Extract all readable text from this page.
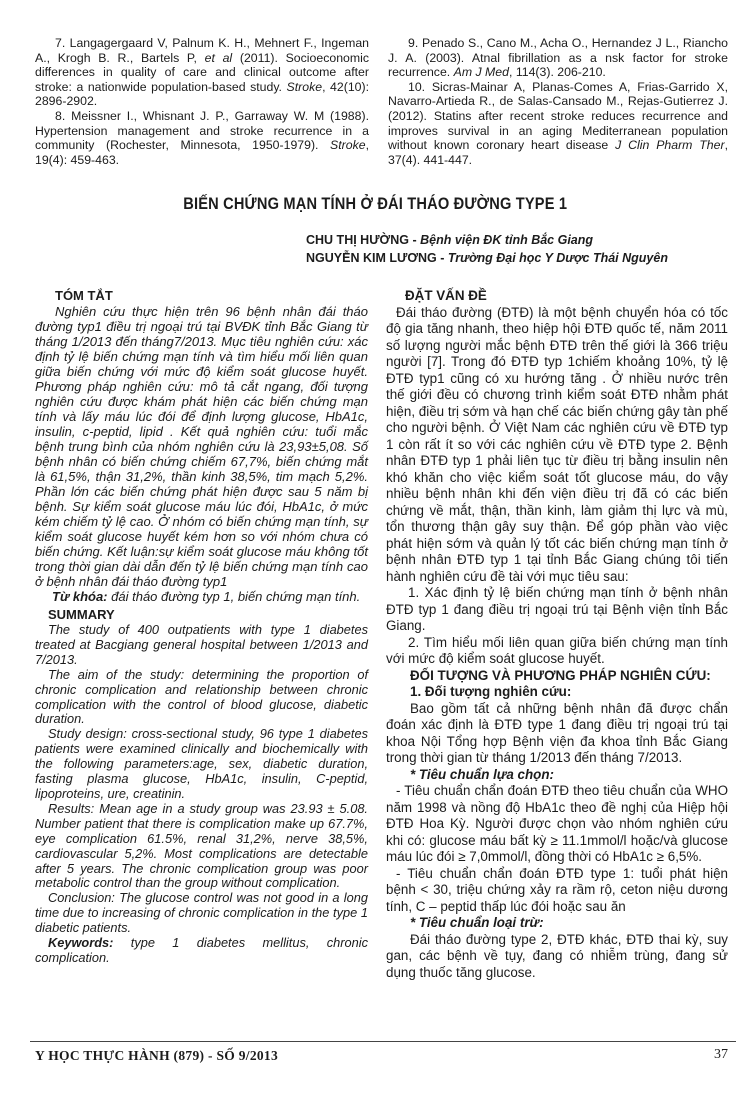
7. Langagergaard V, Palnum K. H., Mehnert F., Ingeman A., Krogh B. R., Bartels P, et al (2011). Socioeconomic differences in quality of care and clinical outcome after stroke: a nationwide population-based study. Stroke, 42(10): 2896-2902.

8. Meissner I., Whisnant J. P., Garraway W. M (1988). Hypertension management and stroke recurrence in a community (Rochester, Minnesota, 1950-1979). Stroke, 19(4): 459-463.

9. Penado S., Cano M., Acha O., Hernandez J L., Riancho J. A. (2003). Atnal fibrillation as a nsk factor for stroke recurrence. Am J Med, 114(3). 206-210.

10. Sicras-Mainar A, Planas-Comes A, Frias-Garrido X, Navarro-Artieda R., de Salas-Cansado M., Rejas-Gutierrez J. (2012). Statins after recent stroke reduces recurrence and improves survival in an aging Mediterranean population without known coronary heart disease J Clin Pharm Ther, 37(4). 441-447.

BIẾN CHỨNG MẠN TÍNH Ở ĐÁI THÁO ĐƯỜNG TYPE 1
CHU THỊ HƯỜNG - Bệnh viện ĐK tỉnh Bắc Giang
NGUYỄN KIM LƯƠNG - Trường Đại học Y Dược Thái Nguyên

TÓM TẮT

Nghiên cứu thực hiện trên 96 bệnh nhân đái tháo đường typ1 điều trị ngoại trú tại BVĐK tỉnh Bắc Giang từ tháng 1/2013 đến tháng7/2013. Mục tiêu nghiên cứu: xác định tỷ lệ biến chứng mạn tính và tìm hiểu mối liên quan giữa biến chứng với mức độ kiểm soát glucose huyết. Phương pháp nghiên cứu: mô tả cắt ngang, đối tượng nghiên cứu được khám phát hiện các biến chứng mạn tính và lấy máu lúc đói để định lượng glucose, HbA1c, insulin, c-peptid, lipid . Kết quả nghiên cứu: tuổi mắc bệnh trung bình của nhóm nghiên cứu là 23,93±5,08. Số bệnh nhân có biến chứng chiếm 67,7%, biến chứng mắt là 61,5%, thận 31,2%, thần kinh 38,5%, tim mạch 5,2%. Phần lớn các biến chứng phát hiện được sau 5 năm bị bệnh. Sự kiểm soát glucose máu lúc đói, HbA1c, ở mức kém chiếm tỷ lệ cao. Ở nhóm có biến chứng mạn tính, sự kiểm soát glucose huyết kém hơn so với nhóm chưa có biến chứng. Kết luận:sự kiểm soát glucose máu không tốt trong thời gian dài dẫn đến tỷ lệ biến chứng mạn tính cao ở bệnh nhân đái tháo đường typ1

Từ khóa: đái tháo đường typ 1, biến chứng mạn tính.

SUMMARY

The study of 400 outpatients with type 1 diabetes treated at Bacgiang general hospital between 1/2013 and 7/2013.

The aim of the study: determining the proportion of chronic complication and relationship between chronic complication with the control of blood glucose, diabetic duration.

Study design: cross-sectional study, 96 type 1 diabetes patients were examined clinically and biochemically with the following parameters:age, sex, diabetic duration, fasting plasma glucose, HbA1c, insulin, C-peptid, lipoproteins, ure, creatinin.

Results: Mean age in a study group was 23.93 ± 5.08. Number patient that there is complication make up 67.7%, eye complication 61.5%, renal 31,2%, nerve 38,5%, cardiovascular 5,2%. Most complications are detectable after 5 years. The chronic complication group was poor metabolic control than the group without complication.

Conclusion: The glucose control was not good in a long time due to increasing of chronic complication in the type 1 diabetic patients.

Keywords: type 1 diabetes mellitus, chronic complication.

ĐẶT VẤN ĐỀ

Đái tháo đường (ĐTĐ) là một bệnh chuyển hóa có tốc độ gia tăng nhanh, theo hiệp hội ĐTĐ quốc tế, năm 2011 số lượng người mắc bệnh ĐTĐ trên thế giới là 366 triệu người [7]. Trong đó ĐTĐ typ 1chiếm khoảng 10%, tỷ lệ ĐTĐ typ1 cũng có xu hướng tăng . Ở nhiều nước trên thế giới đều có chương trình kiểm soát ĐTĐ nhằm phát hiện, điều trị sớm và hạn chế các biến chứng gây tàn phế cho người bệnh. Ở Việt Nam các nghiên cứu về ĐTĐ typ 1 còn rất ít so với các nghiên cứu về ĐTĐ type 2. Bệnh nhân ĐTĐ typ 1 phải liên tục từ điều trị bằng insulin nên khó khăn cho việc kiểm soát tốt glucose máu, do vậy nhiều bệnh nhân khi đến viện điều trị đã có các biến chứng về mắt, thận, thần kinh, làm giảm thị lực và mù, tổn thương thận gây suy thận. Để góp phần vào việc phát hiện sớm và quản lý tốt các biến chứng mạn tính ở bệnh nhân ĐTĐ typ 1 tại tỉnh Bắc Giang chúng tôi tiến hành nghiên cứu đề tài với mục tiêu sau:

1. Xác định tỷ lệ biến chứng mạn tính ở bệnh nhân ĐTĐ typ 1 đang điều trị ngoại trú tại Bệnh viện tỉnh Bắc Giang.

2. Tìm hiểu mối liên quan giữa biến chứng mạn tính với mức độ kiểm soát glucose huyết.

ĐỐI TƯỢNG VÀ PHƯƠNG PHÁP NGHIÊN CỨU:

1. Đối tượng nghiên cứu:

Bao gồm tất cả những bệnh nhân đã được chẩn đoán xác định là ĐTĐ type 1 đang điều trị ngoại trú tại khoa Nội Tổng hợp Bệnh viện đa khoa tỉnh Bắc Giang trong thời gian từ tháng 1/2013 đến tháng 7/2013.

* Tiêu chuẩn lựa chọn:

- Tiêu chuẩn chẩn đoán ĐTĐ theo tiêu chuẩn của WHO năm 1998 và nồng độ HbA1c theo đề nghị của Hiệp hội ĐTĐ Hoa Kỳ. Người được chọn vào nhóm nghiên cứu khi có: glucose máu bất kỳ ≥ 11.1mmol/l hoặc/và glucose máu lúc đói ≥ 7,0mmol/l, đồng thời có HbA1c ≥ 6,5%.

- Tiêu chuẩn chẩn đoán ĐTĐ type 1: tuổi phát hiện bệnh < 30, triệu chứng xảy ra rầm rộ, ceton niệu dương tính, C – peptid thấp lúc đói hoặc sau ăn

* Tiêu chuẩn loại trừ:

Đái tháo đường type 2, ĐTĐ khác, ĐTĐ thai kỳ, suy gan, các bệnh về tụy, đang có nhiễm trùng, đang sử dụng thuốc tăng glucose.

Y HỌC THỰC HÀNH (879) - SỐ 9/2013	37
